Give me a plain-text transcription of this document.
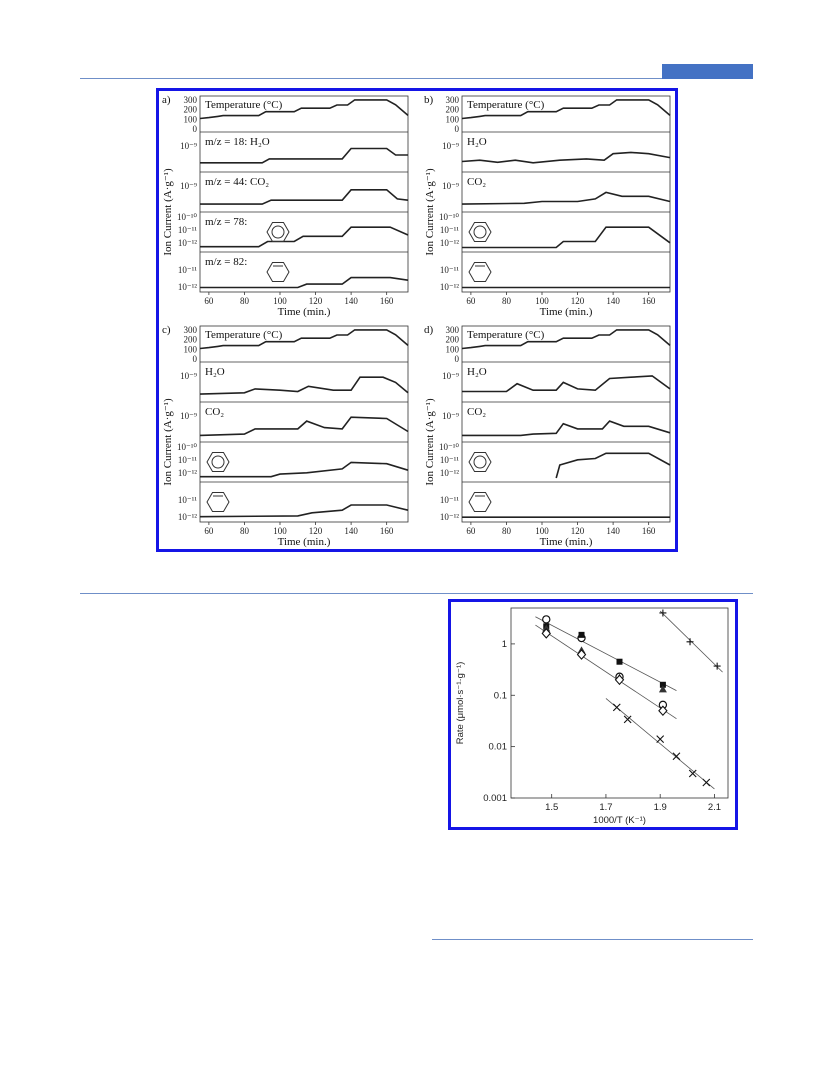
a) 300
200
100
0
Temperature (°C)
m/z = 18: H₂O
10⁻⁹
m/z = 44: CO₂
10⁻⁹
m/z = 78:
10⁻¹⁰
10⁻¹¹
10⁻¹²
m/z = 82:
10⁻¹¹
10⁻¹²
60	80	100 120 140 160
Time (min.)
Ion Current (A·g⁻¹)
b) 300
200
100
0
Temperature (°C)
H₂O
10⁻⁹
CO₂
10⁻⁹
10⁻¹⁰
10⁻¹¹
10⁻¹²
10⁻¹¹
10⁻¹²
60	80	100 120 140 160
Time (min.)
Ion Current (A·g⁻¹)
c) 300
200
100
0
Temperature (°C)
H₂O
10⁻⁹
CO₂
10⁻⁹
10⁻¹⁰
10⁻¹¹
10⁻¹²
10⁻¹¹
10⁻¹²
60	80	100 120 140 160
Time (min.)
Ion Current (A·g⁻¹)
d) 300
200
100
0
Temperature (°C)
H₂O
10⁻⁹
CO₂
10⁻⁹
10⁻¹⁰
10⁻¹¹
10⁻¹²
10⁻¹¹
10⁻¹²
60	80	100 120 140 160
Time (min.)
Ion Current (A·g⁻¹)
1.5	1.7	1.9	2.1
1
0.1
0.01
0.001
1000/T (K⁻¹)
Rate (μmol·s⁻¹·g⁻¹)
